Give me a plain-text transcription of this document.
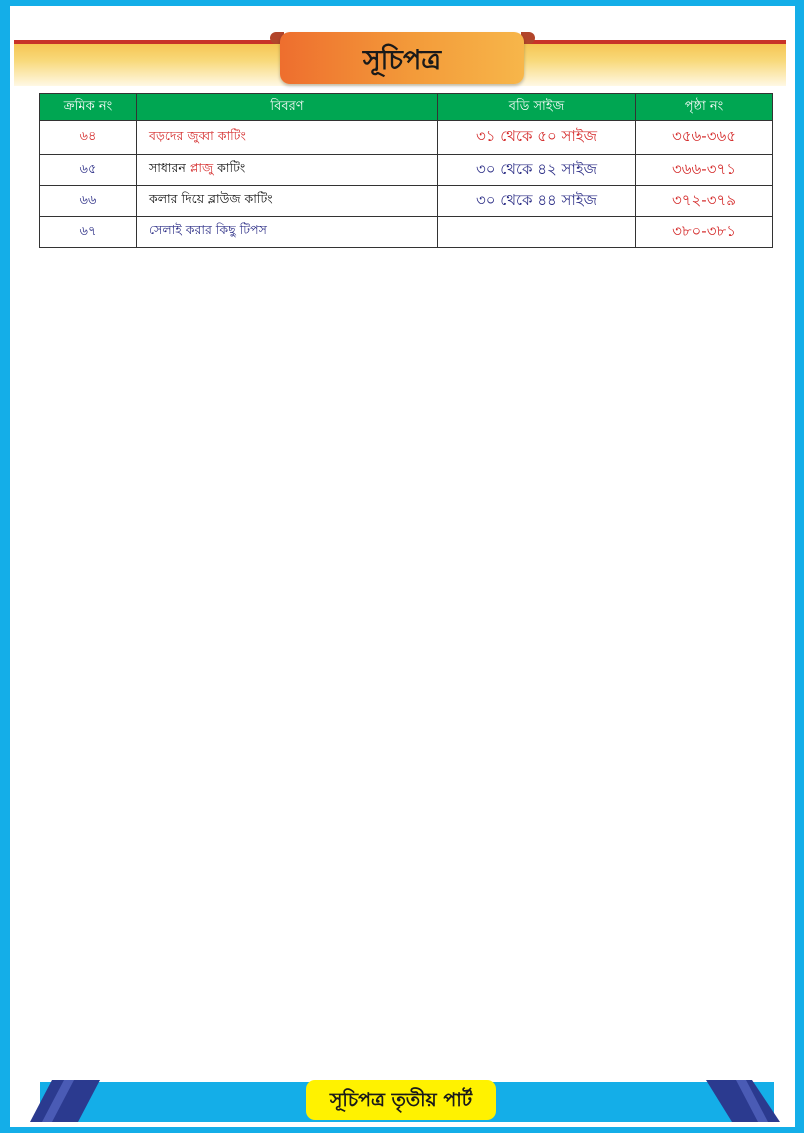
সূচিপত্র
ক্রমিক নং	বিবরণ	বডি সাইজ	পৃষ্ঠা নং
৬৪	বড়দের জুব্বা কাটিং	৩১ থেকে ৫০ সাইজ	৩৫৬-৩৬৫
৬৫	সাধারন প্লাজু কাটিং	৩০ থেকে ৪২ সাইজ	৩৬৬-৩৭১
৬৬	কলার দিয়ে ব্লাউজ কাটিং	৩০ থেকে ৪৪ সাইজ	৩৭২-৩৭৯
৬৭	সেলাই করার কিছু টিপস		৩৮০-৩৮১
সূচিপত্র তৃতীয় পার্ট
